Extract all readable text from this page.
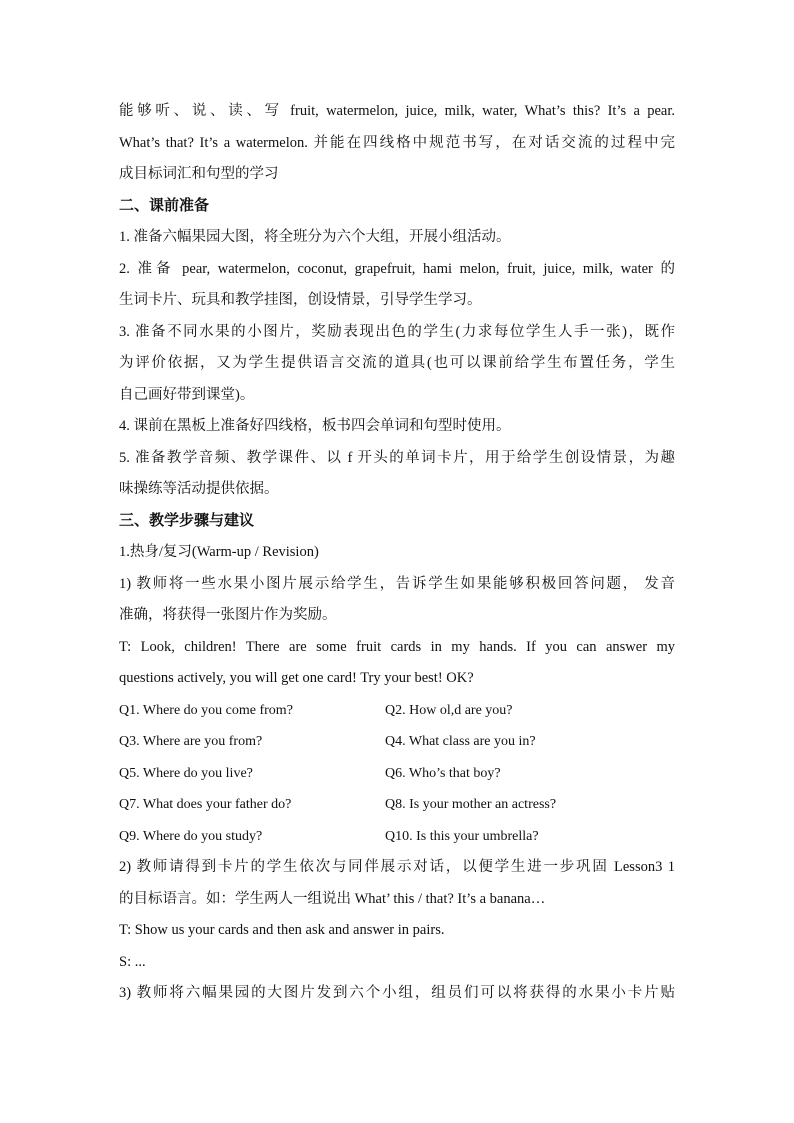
能够听、说、读、写 fruit, watermelon, juice, milk, water, What’s this? It’s a pear.
What’s that? It’s a watermelon. 并能在四线格中规范书写，在对话交流的过程中完
成目标词汇和句型的学习
二、课前准备
1. 准备六幅果园大图，将全班分为六个大组，开展小组活动。
2. 准备 pear, watermelon, coconut, grapefruit, hami melon, fruit, juice, milk, water 的
生词卡片、玩具和教学挂图，创设情景，引导学生学习。
3. 准备不同水果的小图片，奖励表现出色的学生(力求每位学生人手一张)，既作
为评价依据，又为学生提供语言交流的道具(也可以课前给学生布置任务，学生
自己画好带到课堂)。
4. 课前在黑板上准备好四线格，板书四会单词和句型时使用。
5. 准备教学音频、教学课件、以 f 开头的单词卡片，用于给学生创设情景，为趣
味操练等活动提供依据。
三、教学步骤与建议
1.热身/复习(Warm-up / Revision)
1) 教师将一些水果小图片展示给学生，告诉学生如果能够积极回答问题， 发音
准确，将获得一张图片作为奖励。
T: Look, children! There are some fruit cards in my hands. If you can answer my
questions actively, you will get one card! Try your best! OK?
Q1. Where do you come from?	Q2. How ol,d are you?
Q3. Where are you from?	Q4. What class are you in?
Q5. Where do you live?	Q6. Who’s that boy?
Q7. What does your father do?	Q8. Is your mother an actress?
Q9. Where do you study?	Q10. Is this your umbrella?
2) 教师请得到卡片的学生依次与同伴展示对话，以便学生进一步巩固 Lesson3 1
的目标语言。如：学生两人一组说出 What’ this / that? It’s a banana…
T: Show us your cards and then ask and answer in pairs.
S: ...
3) 教师将六幅果园的大图片发到六个小组，组员们可以将获得的水果小卡片贴
